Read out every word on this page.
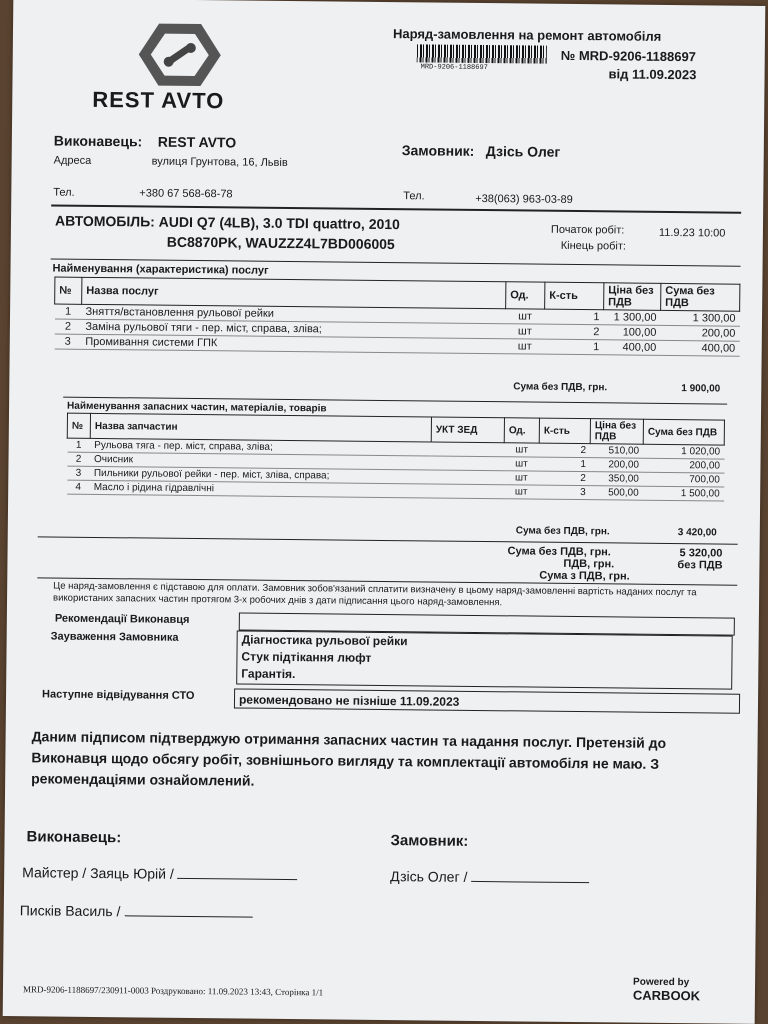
REST AVTO
Наряд-замовлення на ремонт автомобіля
MRD-9206-1188697
№ MRD-9206-1188697
від 11.09.2023
Виконавець: REST AVTO
Адреса	вулиця Грунтова, 16, Львів
Тел.	+380 67 568-68-78
Замовник: Дзісь Олег
Тел.	+38(063) 963-03-89
АВТОМОБІЛЬ: AUDI Q7 (4LB), 3.0 TDI quattro, 2010
BC8870PK, WAUZZZ4L7BD006005
Початок робіт:	11.9.23 10:00
Кінець робіт:
Найменування (характеристика) послуг
№	Назва послуг	Од.	К-сть	Ціна без ПДВ	Сума без ПДВ
1	Зняття/встановлення рульової рейки	шт	1	1 300,00	1 300,00
2	Заміна рульової тяги - пер. міст, справа, зліва;	шт	2	100,00	200,00
3	Промивання системи ГПК	шт	1	400,00	400,00
Сума без ПДВ, грн.	1 900,00
Найменування запасних частин, матеріалів, товарів
№	Назва запчастин	УКТ ЗЕД	Од.	К-сть	Ціна без ПДВ	Сума без ПДВ
1	Рульова тяга - пер. міст, справа, зліва;		шт	2	510,00	1 020,00
2	Очисник		шт	1	200,00	200,00
3	Пильники рульової рейки - пер. міст, зліва, справа;		шт	2	350,00	700,00
4	Масло і рідина гідравлічні		шт	3	500,00	1 500,00
Сума без ПДВ, грн.	3 420,00
Сума без ПДВ, грн.	5 320,00
ПДВ, грн.	без ПДВ
Сума з ПДВ, грн.
Це наряд-замовлення є підставою для оплати. Замовник зобов'язаний сплатити визначену в цьому наряд-замовленні вартість наданих послуг та використаних запасних частин протягом 3-х робочих днів з дати підписання цього наряд-замовлення.
Рекомендації Виконавця
Зауваження Замовника	Діагностика рульової рейки
Стук підтікання люфт
Гарантія.
Наступне відвідування СТО	рекомендовано не пізніше 11.09.2023
Даним підписом підтверджую отримання запасних частин та надання послуг. Претензій до Виконавця щодо обсягу робіт, зовнішнього вигляду та комплектації автомобіля не маю. З рекомендаціями ознайомлений.
Виконавець:
Майстер / Заяць Юрій /
Писків Василь /
Замовник:
Дзісь Олег /
MRD-9206-1188697/230911-0003 Роздруковано: 11.09.2023 13:43, Сторінка 1/1
Powered by CARBOOK
